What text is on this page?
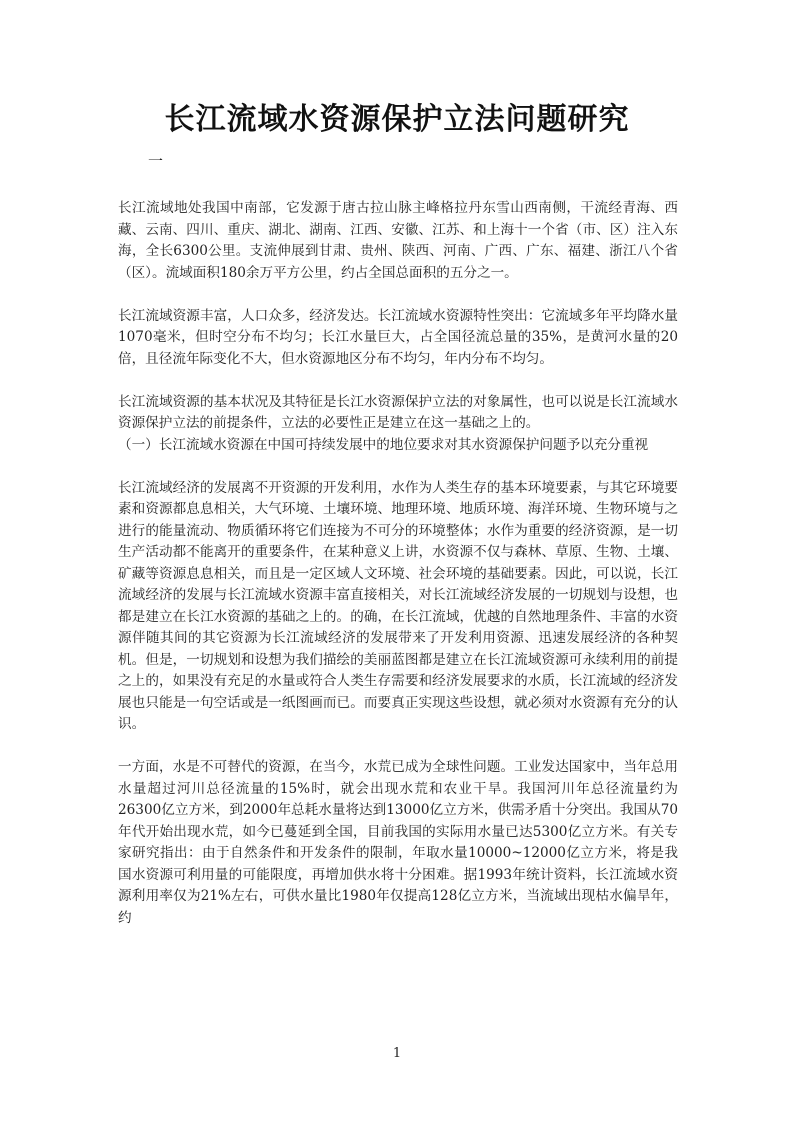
长江流域水资源保护立法问题研究
一

长江流域地处我国中南部，它发源于唐古拉山脉主峰格拉丹东雪山西南侧，干流经青海、西藏、云南、四川、重庆、湖北、湖南、江西、安徽、江苏、和上海十一个省（市、区）注入东海，全长6300公里。支流伸展到甘肃、贵州、陕西、河南、广西、广东、福建、浙江八个省（区）。流域面积180余万平方公里，约占全国总面积的五分之一。

长江流域资源丰富，人口众多，经济发达。长江流域水资源特性突出：它流域多年平均降水量1070毫米，但时空分布不均匀；长江水量巨大，占全国径流总量的35%，是黄河水量的20倍，且径流年际变化不大，但水资源地区分布不均匀，年内分布不均匀。

长江流域资源的基本状况及其特征是长江水资源保护立法的对象属性，也可以说是长江流域水资源保护立法的前提条件，立法的必要性正是建立在这一基础之上的。

（一）长江流域水资源在中国可持续发展中的地位要求对其水资源保护问题予以充分重视

长江流域经济的发展离不开资源的开发利用，水作为人类生存的基本环境要素，与其它环境要素和资源都息息相关，大气环境、土壤环境、地理环境、地质环境、海洋环境、生物环境与之进行的能量流动、物质循环将它们连接为不可分的环境整体；水作为重要的经济资源，是一切生产活动都不能离开的重要条件，在某种意义上讲，水资源不仅与森林、草原、生物、土壤、矿藏等资源息息相关，而且是一定区域人文环境、社会环境的基础要素。因此，可以说，长江流域经济的发展与长江流域水资源丰富直接相关，对长江流域经济发展的一切规划与设想，也都是建立在长江水资源的基础之上的。的确，在长江流域，优越的自然地理条件、丰富的水资源伴随其间的其它资源为长江流域经济的发展带来了开发利用资源、迅速发展经济的各种契机。但是，一切规划和设想为我们描绘的美丽蓝图都是建立在长江流域资源可永续利用的前提之上的，如果没有充足的水量或符合人类生存需要和经济发展要求的水质，长江流域的经济发展也只能是一句空话或是一纸图画而已。而要真正实现这些设想，就必须对水资源有充分的认识。

一方面，水是不可替代的资源，在当今，水荒已成为全球性问题。工业发达国家中，当年总用水量超过河川总径流量的15%时，就会出现水荒和农业干旱。我国河川年总径流量约为26300亿立方米，到2000年总耗水量将达到13000亿立方米，供需矛盾十分突出。我国从70年代开始出现水荒，如今已蔓延到全国，目前我国的实际用水量已达5300亿立方米。有关专家研究指出：由于自然条件和开发条件的限制，年取水量10000~12000亿立方米，将是我国水资源可利用量的可能限度，再增加供水将十分困难。据1993年统计资料，长江流域水资源利用率仅为21%左右，可供水量比1980年仅提高128亿立方米，当流域出现枯水偏旱年，约

1
